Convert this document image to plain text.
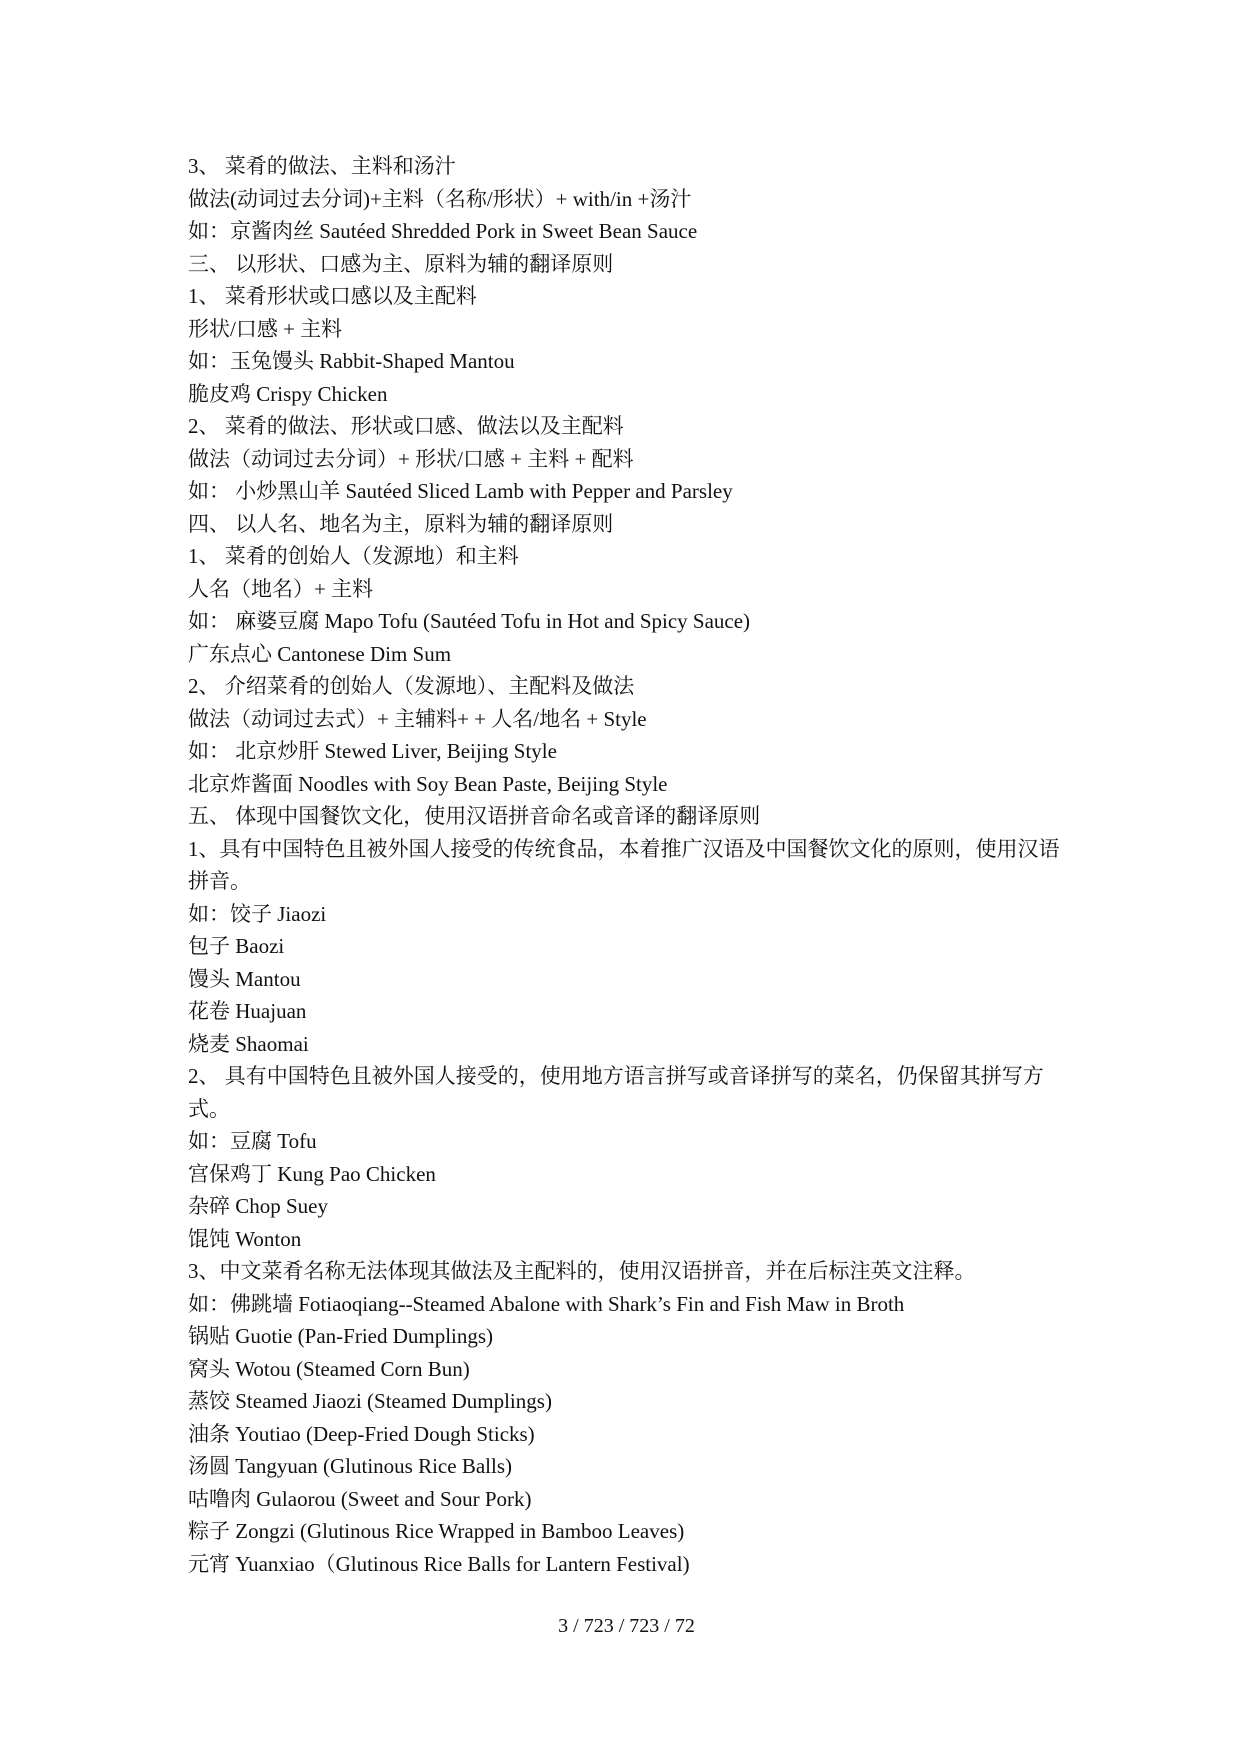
3、 菜肴的做法、主料和汤汁
做法(动词过去分词)+主料（名称/形状）+ with/in +汤汁
如：京酱肉丝 Sautéed Shredded Pork in Sweet Bean Sauce
三、 以形状、口感为主、原料为辅的翻译原则
1、 菜肴形状或口感以及主配料
形状/口感 + 主料
如：玉兔馒头 Rabbit-Shaped Mantou
脆皮鸡 Crispy Chicken
2、 菜肴的做法、形状或口感、做法以及主配料
做法（动词过去分词）+ 形状/口感 + 主料 + 配料
如： 小炒黑山羊 Sautéed Sliced Lamb with Pepper and Parsley
四、 以人名、地名为主，原料为辅的翻译原则
1、 菜肴的创始人（发源地）和主料
人名（地名）+ 主料
如： 麻婆豆腐 Mapo Tofu (Sautéed Tofu in Hot and Spicy Sauce)
广东点心 Cantonese Dim Sum
2、 介绍菜肴的创始人（发源地）、主配料及做法
做法（动词过去式）+ 主辅料+ + 人名/地名 + Style
如： 北京炒肝 Stewed Liver, Beijing Style
北京炸酱面 Noodles with Soy Bean Paste, Beijing Style
五、 体现中国餐饮文化，使用汉语拼音命名或音译的翻译原则
1、具有中国特色且被外国人接受的传统食品，本着推广汉语及中国餐饮文化的原则，使用汉语拼音。
如：饺子 Jiaozi
包子 Baozi
馒头 Mantou
花卷 Huajuan
烧麦 Shaomai
2、 具有中国特色且被外国人接受的，使用地方语言拼写或音译拼写的菜名，仍保留其拼写方式。
如：豆腐 Tofu
宫保鸡丁 Kung Pao Chicken
杂碎 Chop Suey
馄饨 Wonton
3、中文菜肴名称无法体现其做法及主配料的，使用汉语拼音，并在后标注英文注释。
如：佛跳墙 Fotiaoqiang--Steamed Abalone with Shark’s Fin and Fish Maw in Broth
锅贴 Guotie (Pan-Fried Dumplings)
窝头 Wotou (Steamed Corn Bun)
蒸饺 Steamed Jiaozi (Steamed Dumplings)
油条 Youtiao (Deep-Fried Dough Sticks)
汤圆 Tangyuan (Glutinous Rice Balls)
咕噜肉 Gulaorou (Sweet and Sour Pork)
粽子 Zongzi (Glutinous Rice Wrapped in Bamboo Leaves)
元宵 Yuanxiao（Glutinous Rice Balls for Lantern Festival)
3 / 723 / 723 / 72
